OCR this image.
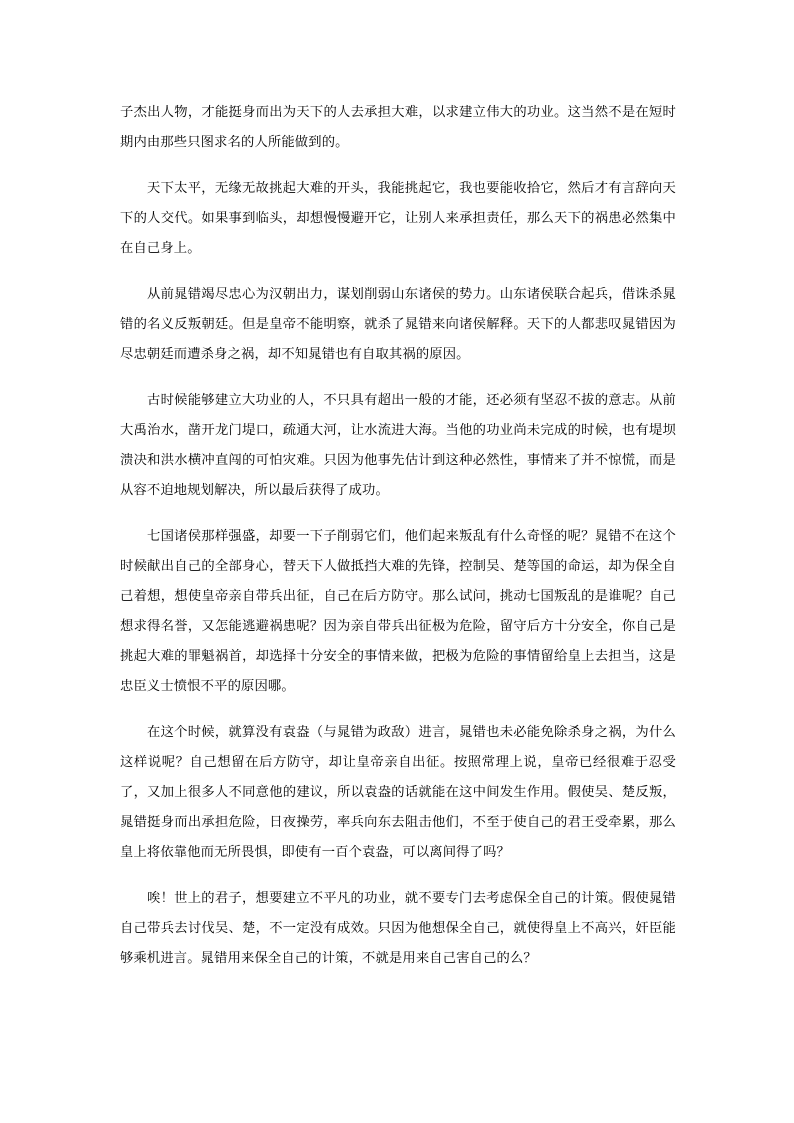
子杰出人物，才能挺身而出为天下的人去承担大难，以求建立伟大的功业。这当然不是在短时期内由那些只图求名的人所能做到的。

天下太平，无缘无故挑起大难的开头，我能挑起它，我也要能收拾它，然后才有言辞向天下的人交代。如果事到临头，却想慢慢避开它，让别人来承担责任，那么天下的祸患必然集中在自己身上。

从前晁错竭尽忠心为汉朝出力，谋划削弱山东诸侯的势力。山东诸侯联合起兵，借诛杀晁错的名义反叛朝廷。但是皇帝不能明察，就杀了晁错来向诸侯解释。天下的人都悲叹晁错因为尽忠朝廷而遭杀身之祸，却不知晁错也有自取其祸的原因。

古时候能够建立大功业的人，不只具有超出一般的才能，还必须有坚忍不拔的意志。从前大禹治水，凿开龙门堤口，疏通大河，让水流进大海。当他的功业尚未完成的时候，也有堤坝溃决和洪水横冲直闯的可怕灾难。只因为他事先估计到这种必然性，事情来了并不惊慌，而是从容不迫地规划解决，所以最后获得了成功。

七国诸侯那样强盛，却要一下子削弱它们，他们起来叛乱有什么奇怪的呢？晁错不在这个时候献出自己的全部身心，替天下人做抵挡大难的先锋，控制吴、楚等国的命运，却为保全自己着想，想使皇帝亲自带兵出征，自己在后方防守。那么试问，挑动七国叛乱的是谁呢？自己想求得名誉，又怎能逃避祸患呢？因为亲自带兵出征极为危险，留守后方十分安全，你自己是挑起大难的罪魁祸首，却选择十分安全的事情来做，把极为危险的事情留给皇上去担当，这是忠臣义士愤恨不平的原因哪。

在这个时候，就算没有袁盎（与晁错为政敌）进言，晁错也未必能免除杀身之祸，为什么这样说呢？自己想留在后方防守，却让皇帝亲自出征。按照常理上说，皇帝已经很难于忍受了，又加上很多人不同意他的建议，所以袁盎的话就能在这中间发生作用。假使吴、楚反叛，晁错挺身而出承担危险，日夜操劳，率兵向东去阻击他们，不至于使自己的君王受牵累，那么皇上将依靠他而无所畏惧，即使有一百个袁盎，可以离间得了吗？

唉！世上的君子，想要建立不平凡的功业，就不要专门去考虑保全自己的计策。假使晁错自己带兵去讨伐吴、楚，不一定没有成效。只因为他想保全自己，就使得皇上不高兴，奸臣能够乘机进言。晁错用来保全自己的计策，不就是用来自己害自己的么？
